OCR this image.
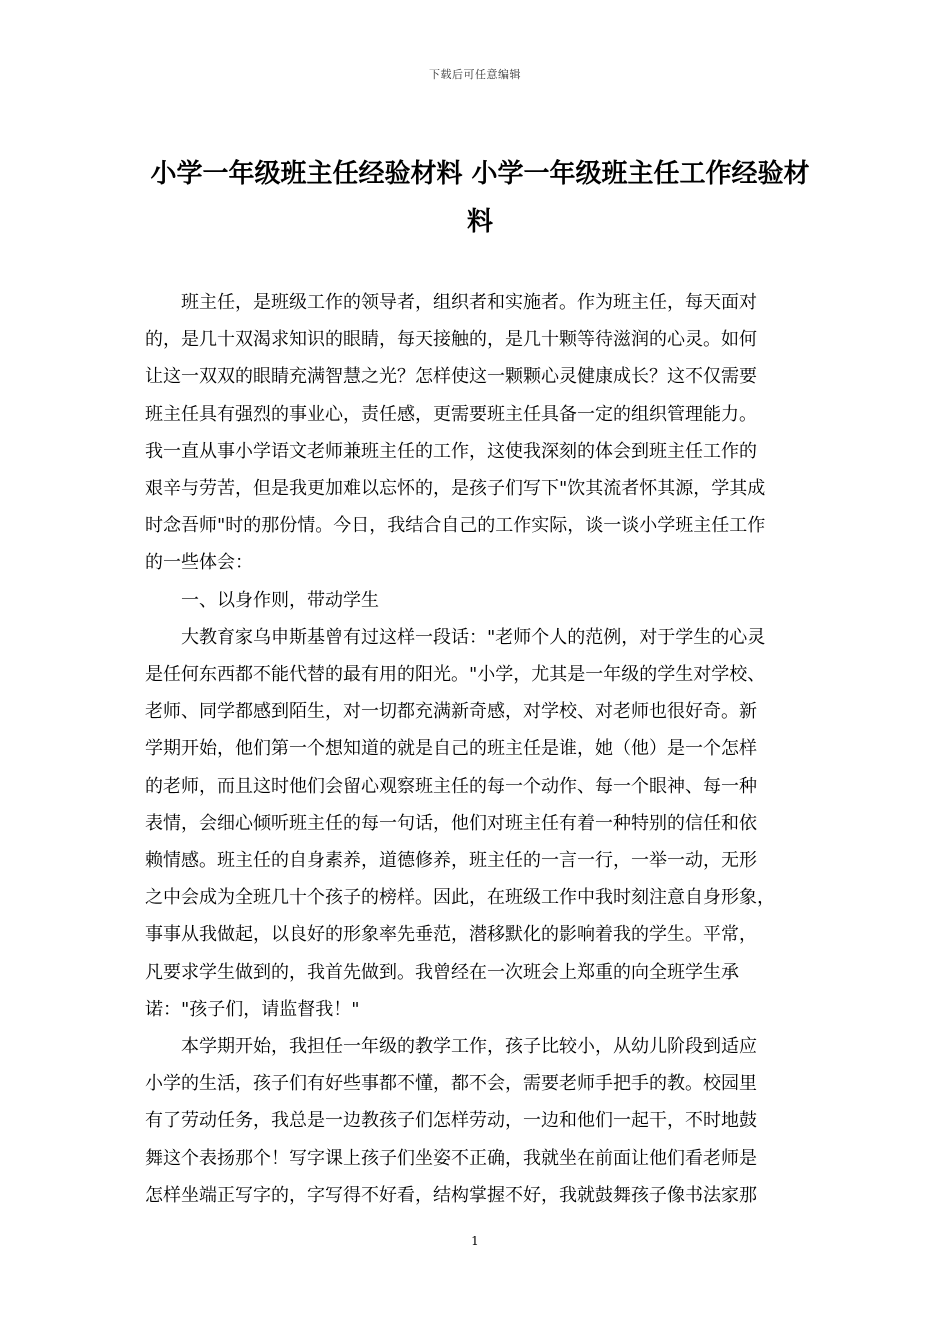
下载后可任意编辑
小学一年级班主任经验材料 小学一年级班主任工作经验材
料

班主任，是班级工作的领导者，组织者和实施者。作为班主任，每天面对
的，是几十双渴求知识的眼睛，每天接触的，是几十颗等待滋润的心灵。如何
让这一双双的眼睛充满智慧之光？怎样使这一颗颗心灵健康成长？这不仅需要
班主任具有强烈的事业心，责任感，更需要班主任具备一定的组织管理能力。
我一直从事小学语文老师兼班主任的工作，这使我深刻的体会到班主任工作的
艰辛与劳苦，但是我更加难以忘怀的，是孩子们写下"饮其流者怀其源，学其成
时念吾师"时的那份情。今日，我结合自己的工作实际，谈一谈小学班主任工作
的一些体会：

一、以身作则，带动学生

大教育家乌申斯基曾有过这样一段话："老师个人的范例，对于学生的心灵
是任何东西都不能代替的最有用的阳光。"小学，尤其是一年级的学生对学校、
老师、同学都感到陌生，对一切都充满新奇感，对学校、对老师也很好奇。新
学期开始，他们第一个想知道的就是自己的班主任是谁，她（他）是一个怎样
的老师，而且这时他们会留心观察班主任的每一个动作、每一个眼神、每一种
表情，会细心倾听班主任的每一句话，他们对班主任有着一种特别的信任和依
赖情感。班主任的自身素养，道德修养，班主任的一言一行，一举一动，无形
之中会成为全班几十个孩子的榜样。因此，在班级工作中我时刻注意自身形象，
事事从我做起，以良好的形象率先垂范，潜移默化的影响着我的学生。平常，
凡要求学生做到的，我首先做到。我曾经在一次班会上郑重的向全班学生承
诺："孩子们，请监督我！"

本学期开始，我担任一年级的教学工作，孩子比较小，从幼儿阶段到适应
小学的生活，孩子们有好些事都不懂，都不会，需要老师手把手的教。校园里
有了劳动任务，我总是一边教孩子们怎样劳动，一边和他们一起干，不时地鼓
舞这个表扬那个！写字课上孩子们坐姿不正确，我就坐在前面让他们看老师是
怎样坐端正写字的，字写得不好看，结构掌握不好，我就鼓舞孩子像书法家那

1
